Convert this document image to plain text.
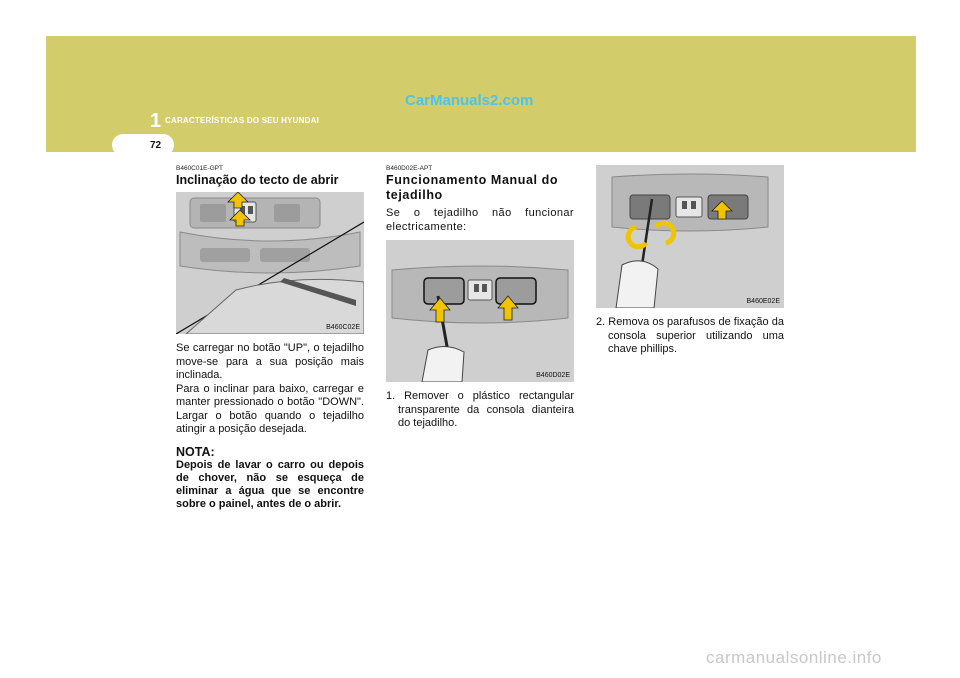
1 CARACTERÍSTICAS DO SEU HYUNDAI
CarManuals2.com
72
B460C01E-GPT
Inclinação do tecto de abrir
B460C02E
Se carregar no botão "UP", o tejadilho move-se para a sua posição mais inclinada.
Para o inclinar para baixo, carregar e manter pressionado o botão "DOWN". Largar o botão quando o tejadilho atingir a posição desejada.
NOTA:
Depois de lavar o carro ou depois de chover, não se esqueça de eliminar a água que se encontre sobre o painel, antes de o abrir.
B460D02E-APT
Funcionamento Manual do tejadilho
Se o tejadilho não funcionar electricamente:
B460D02E
1. Remover o plástico rectangular transparente da consola dianteira do tejadilho.
B460E02E
2. Remova os parafusos de fixação da consola superior utilizando uma chave phillips.
carmanualsonline.info
